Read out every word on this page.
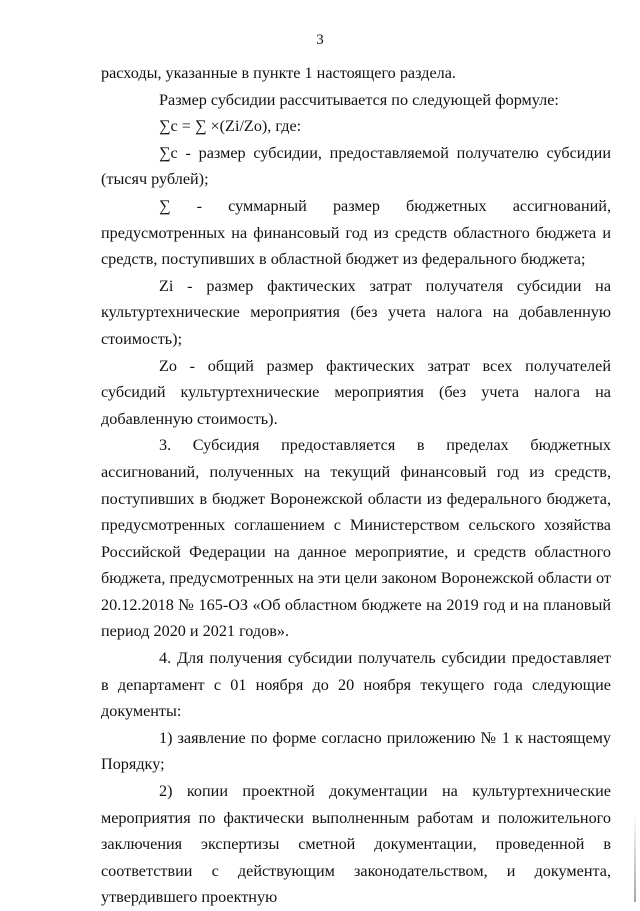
3

расходы, указанные в пункте 1 настоящего раздела.

Размер субсидии рассчитывается по следующей формуле:

∑с = ∑ ×(Zi/Zo), где:

∑с - размер субсидии, предоставляемой получателю субсидии (тысяч рублей);

∑ - суммарный размер бюджетных ассигнований, предусмотренных на финансовый год из средств областного бюджета и средств, поступивших в областной бюджет из федерального бюджета;

Zi - размер фактических затрат получателя субсидии на культуртехнические мероприятия (без учета налога на добавленную стоимость);

Zo - общий размер фактических затрат всех получателей субсидий культуртехнические мероприятия (без учета налога на добавленную стоимость).

3. Субсидия предоставляется в пределах бюджетных ассигнований, полученных на текущий финансовый год из средств, поступивших в бюджет Воронежской области из федерального бюджета, предусмотренных соглашением с Министерством сельского хозяйства Российской Федерации на данное мероприятие, и средств областного бюджета, предусмотренных на эти цели законом Воронежской области от 20.12.2018 № 165-ОЗ «Об областном бюджете на 2019 год и на плановый период 2020 и 2021 годов».

4. Для получения субсидии получатель субсидии предоставляет в департамент с 01 ноября до 20 ноября текущего года следующие документы:

1) заявление по форме согласно приложению № 1 к настоящему Порядку;

2) копии проектной документации на культуртехнические мероприятия по фактически выполненным работам и положительного заключения экспертизы сметной документации, проведенной в соответствии с действующим законодательством, и документа, утвердившего проектную
